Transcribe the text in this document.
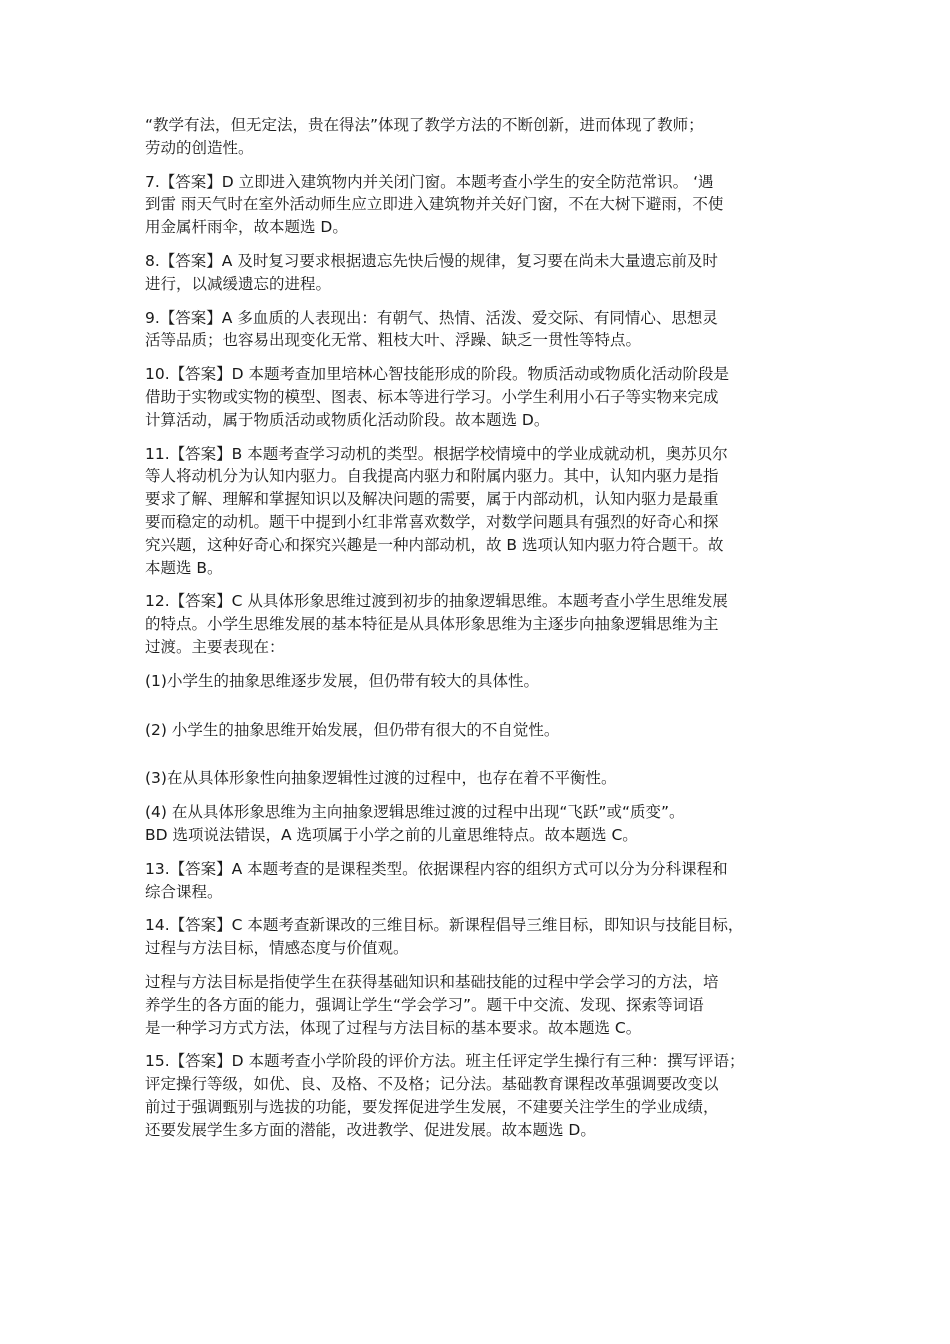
“教学有法，但无定法，贵在得法”体现了教学方法的不断创新，进而体现了教师；
劳动的创造性。

7.【答案】D 立即进入建筑物内并关闭门窗。本题考查小学生的安全防范常识。 ‘遇
到雷 雨天气时在室外活动师生应立即进入建筑物并关好门窗，不在大树下避雨，不使
用金属杆雨伞，故本题选 D。

8.【答案】A 及时复习要求根据遗忘先快后慢的规律，复习要在尚未大量遗忘前及时
进行，以减缓遗忘的进程。

9.【答案】A 多血质的人表现出：有朝气、热情、活泼、爱交际、有同情心、思想灵
活等品质；也容易出现变化无常、粗枝大叶、浮躁、缺乏一贯性等特点。

10.【答案】D 本题考查加里培林心智技能形成的阶段。物质活动或物质化活动阶段是
借助于实物或实物的模型、图表、标本等进行学习。小学生利用小石子等实物来完成
计算活动，属于物质活动或物质化活动阶段。故本题选 D。

11.【答案】B 本题考查学习动机的类型。根据学校情境中的学业成就动机，奥苏贝尔
等人将动机分为认知内驱力。自我提高内驱力和附属内驱力。其中，认知内驱力是指
要求了解、理解和掌握知识以及解决问题的需要，属于内部动机，认知内驱力是最重
要而稳定的动机。题干中提到小红非常喜欢数学，对数学问题具有强烈的好奇心和探
究兴题，这种好奇心和探究兴趣是一种内部动机，故 B 选项认知内驱力符合题干。故
本题选 B。

12.【答案】C 从具体形象思维过渡到初步的抽象逻辑思维。本题考查小学生思维发展
的特点。小学生思维发展的基本特征是从具体形象思维为主逐步向抽象逻辑思维为主
过渡。主要表现在：

(1)小学生的抽象思维逐步发展，但仍带有较大的具体性。

(2) 小学生的抽象思维开始发展，但仍带有很大的不自觉性。

(3)在从具体形象性向抽象逻辑性过渡的过程中，也存在着不平衡性。

(4) 在从具体形象思维为主向抽象逻辑思维过渡的过程中出现“飞跃”或“质变”。
BD 选项说法错误，A 选项属于小学之前的儿童思维特点。故本题选 C。

13.【答案】A 本题考查的是课程类型。依据课程内容的组织方式可以分为分科课程和
综合课程。

14.【答案】C 本题考查新课改的三维目标。新课程倡导三维目标，即知识与技能目标，
过程与方法目标，情感态度与价值观。

过程与方法目标是指使学生在获得基础知识和基础技能的过程中学会学习的方法，培
养学生的各方面的能力，强调让学生“学会学习”。题干中交流、发现、探索等词语
是一种学习方式方法，体现了过程与方法目标的基本要求。故本题选 C。

15.【答案】D 本题考查小学阶段的评价方法。班主任评定学生操行有三种：撰写评语；
评定操行等级，如优、良、及格、不及格；记分法。基础教育课程改革强调要改变以
前过于强调甄别与选拔的功能，要发挥促进学生发展，不建要关注学生的学业成绩，
还要发展学生多方面的潜能，改进教学、促进发展。故本题选 D。
